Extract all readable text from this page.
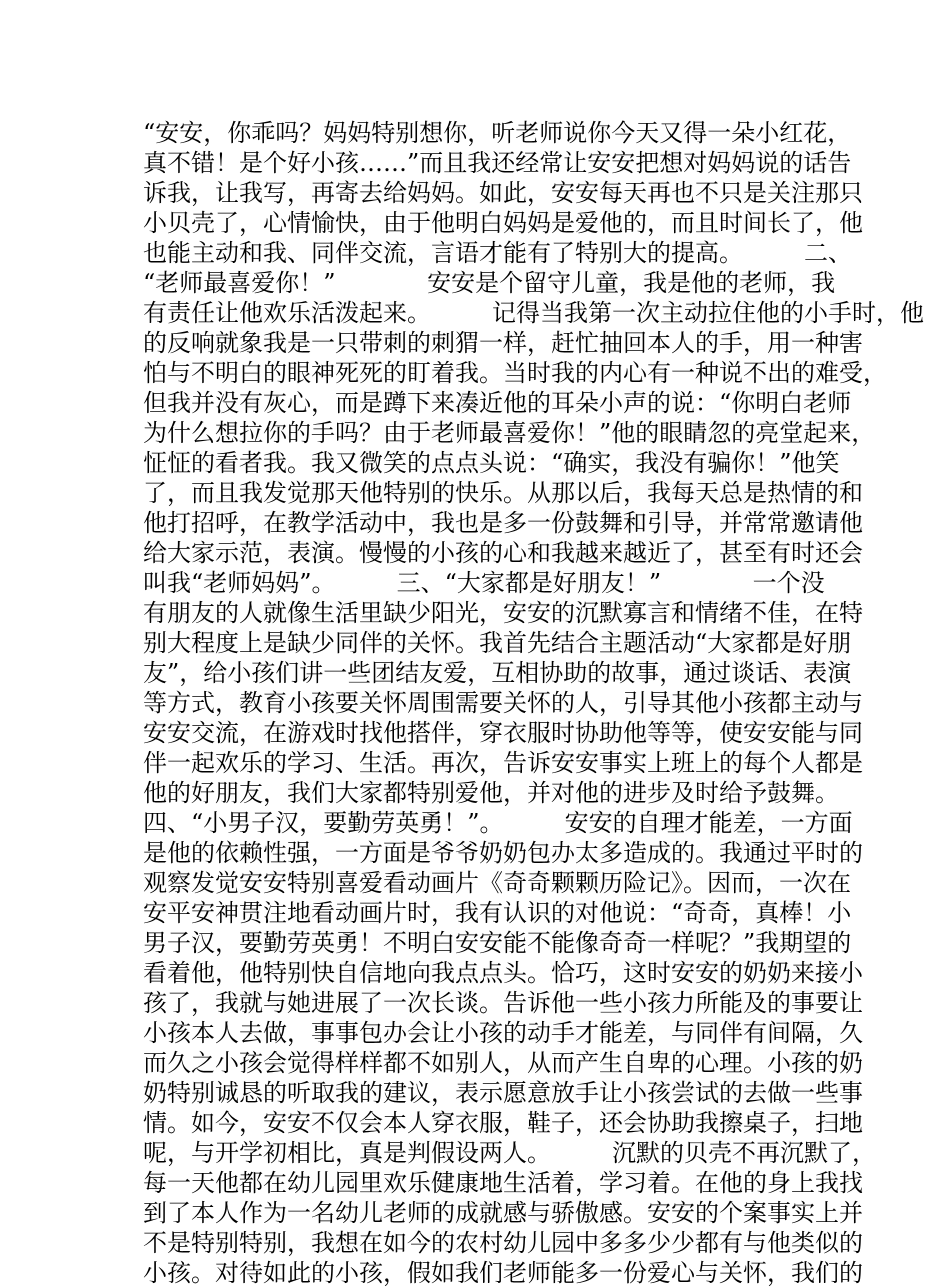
“安安，你乖吗？妈妈特别想你，听老师说你今天又得一朵小红花，
真不错！是个好小孩……”而且我还经常让安安把想对妈妈说的话告
诉我，让我写，再寄去给妈妈。如此，安安每天再也不只是关注那只
小贝壳了，心情愉快，由于他明白妈妈是爱他的，而且时间长了，他
也能主动和我、同伴交流，言语才能有了特别大的提高。        二、
“老师最喜爱你！”            安安是个留守儿童，我是他的老师，我
有责任让他欢乐活泼起来。        记得当我第一次主动拉住他的小手时，他
的反响就象我是一只带刺的刺猬一样，赶忙抽回本人的手，用一种害
怕与不明白的眼神死死的盯着我。当时我的内心有一种说不出的难受，
但我并没有灰心，而是蹲下来凑近他的耳朵小声的说：“你明白老师
为什么想拉你的手吗？由于老师最喜爱你！”他的眼睛忽的亮堂起来，
怔怔的看者我。我又微笑的点点头说：“确实，我没有骗你！”他笑
了，而且我发觉那天他特别的快乐。从那以后，我每天总是热情的和
他打招呼，在教学活动中，我也是多一份鼓舞和引导，并常常邀请他
给大家示范，表演。慢慢的小孩的心和我越来越近了，甚至有时还会
叫我“老师妈妈”。        三、“大家都是好朋友！”            一个没
有朋友的人就像生活里缺少阳光，安安的沉默寡言和情绪不佳，在特
别大程度上是缺少同伴的关怀。我首先结合主题活动“大家都是好朋
友”，给小孩们讲一些团结友爱，互相协助的故事，通过谈话、表演
等方式，教育小孩要关怀周围需要关怀的人，引导其他小孩都主动与
安安交流，在游戏时找他搭伴，穿衣服时协助他等等，使安安能与同
伴一起欢乐的学习、生活。再次，告诉安安事实上班上的每个人都是
他的好朋友，我们大家都特别爱他，并对他的进步及时给予鼓舞。
四、“小男子汉，要勤劳英勇！”。        安安的自理才能差，一方面
是他的依赖性强，一方面是爷爷奶奶包办太多造成的。我通过平时的
观察发觉安安特别喜爱看动画片《奇奇颗颗历险记》。因而，一次在
安平安神贯注地看动画片时，我有认识的对他说：“奇奇，真棒！小
男子汉，要勤劳英勇！不明白安安能不能像奇奇一样呢？”我期望的
看着他，他特别快自信地向我点点头。恰巧，这时安安的奶奶来接小
孩了，我就与她进展了一次长谈。告诉他一些小孩力所能及的事要让
小孩本人去做，事事包办会让小孩的动手才能差，与同伴有间隔，久
而久之小孩会觉得样样都不如别人，从而产生自卑的心理。小孩的奶
奶特别诚恳的听取我的建议，表示愿意放手让小孩尝试的去做一些事
情。如今，安安不仅会本人穿衣服，鞋子，还会协助我擦桌子，扫地
呢，与开学初相比，真是判假设两人。        沉默的贝壳不再沉默了，
每一天他都在幼儿园里欢乐健康地生活着，学习着。在他的身上我找
到了本人作为一名幼儿老师的成就感与骄傲感。安安的个案事实上并
不是特别特别，我想在如今的农村幼儿园中多多少少都有与他类似的
小孩。对待如此的小孩，假如我们老师能多一份爱心与关怀，我们的
